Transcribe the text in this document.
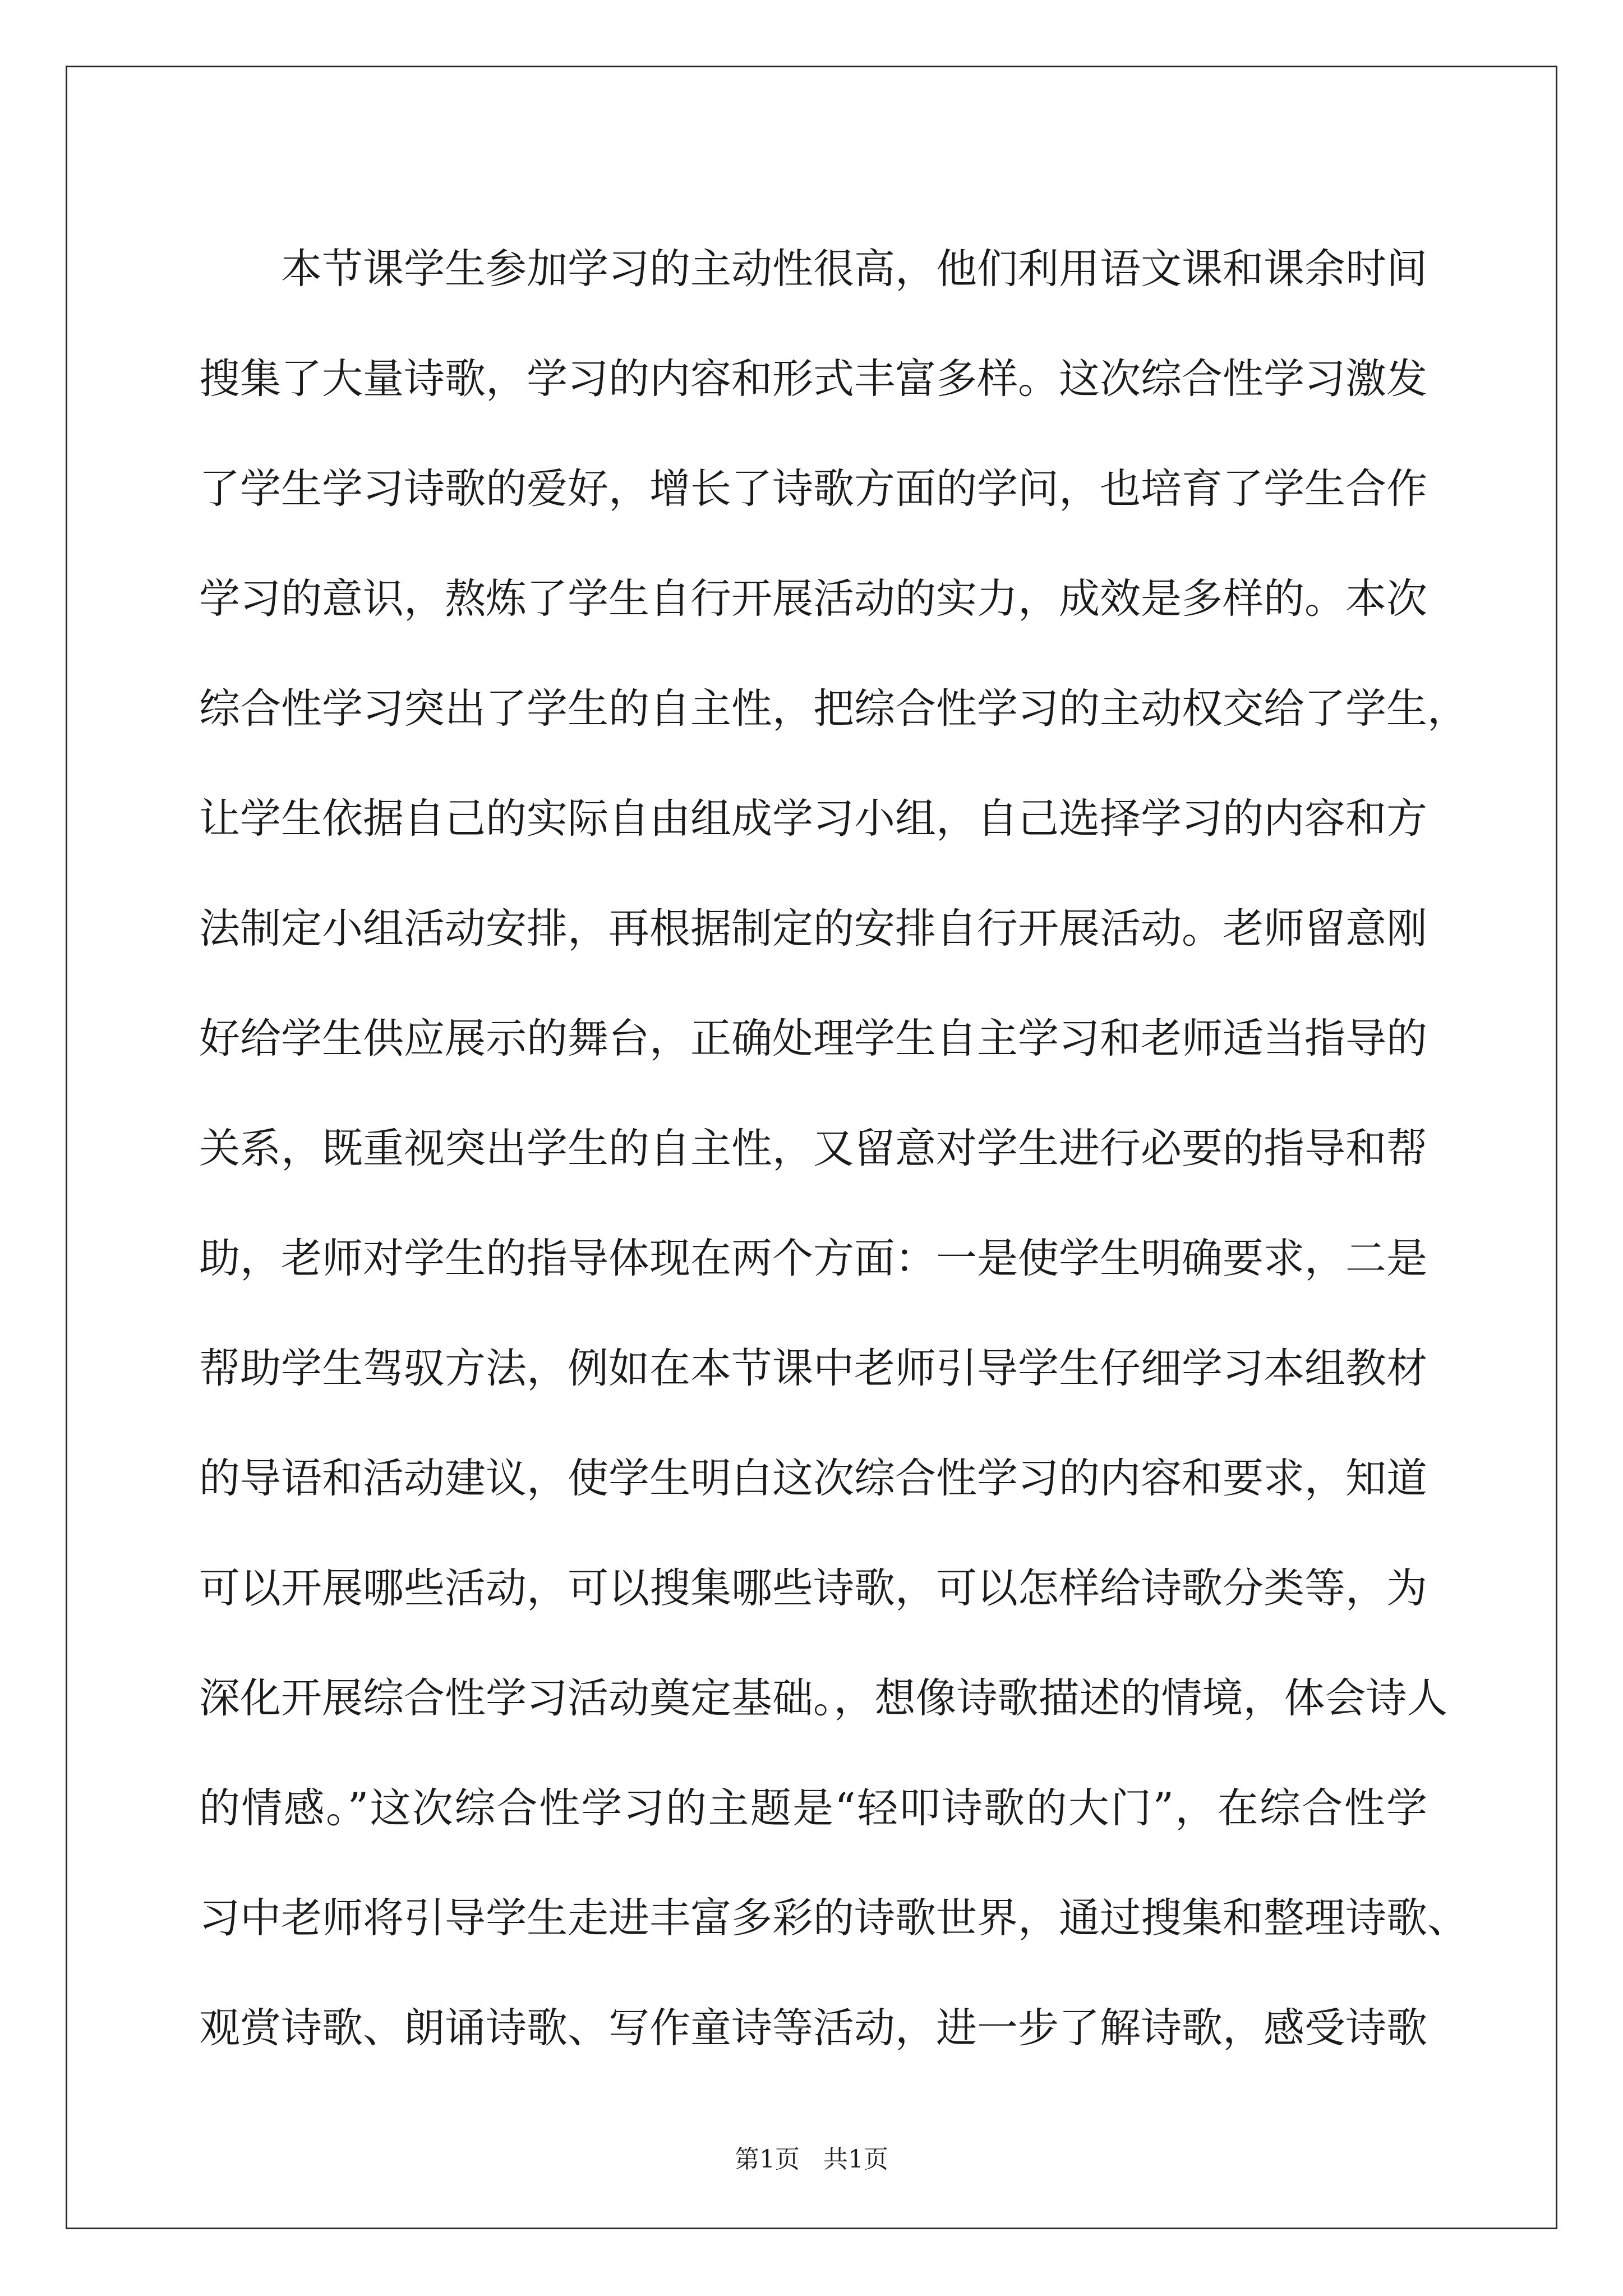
本节课学生参加学习的主动性很高，他们利用语文课和课余时间
搜集了大量诗歌，学习的内容和形式丰富多样。这次综合性学习激发
了学生学习诗歌的爱好，增长了诗歌方面的学问，也培育了学生合作
学习的意识，熬炼了学生自行开展活动的实力，成效是多样的。本次
综合性学习突出了学生的自主性，把综合性学习的主动权交给了学生，
让学生依据自己的实际自由组成学习小组，自己选择学习的内容和方
法制定小组活动安排，再根据制定的安排自行开展活动。老师留意刚
好给学生供应展示的舞台，正确处理学生自主学习和老师适当指导的
关系，既重视突出学生的自主性，又留意对学生进行必要的指导和帮
助，老师对学生的指导体现在两个方面：一是使学生明确要求，二是
帮助学生驾驭方法，例如在本节课中老师引导学生仔细学习本组教材
的导语和活动建议，使学生明白这次综合性学习的内容和要求，知道
可以开展哪些活动，可以搜集哪些诗歌，可以怎样给诗歌分类等，为
深化开展综合性学习活动奠定基础。，想像诗歌描述的情境，体会诗人
的情感。”这次综合性学习的主题是“轻叩诗歌的大门”，在综合性学
习中老师将引导学生走进丰富多彩的诗歌世界，通过搜集和整理诗歌、
观赏诗歌、朗诵诗歌、写作童诗等活动，进一步了解诗歌，感受诗歌
第1页   共1页
